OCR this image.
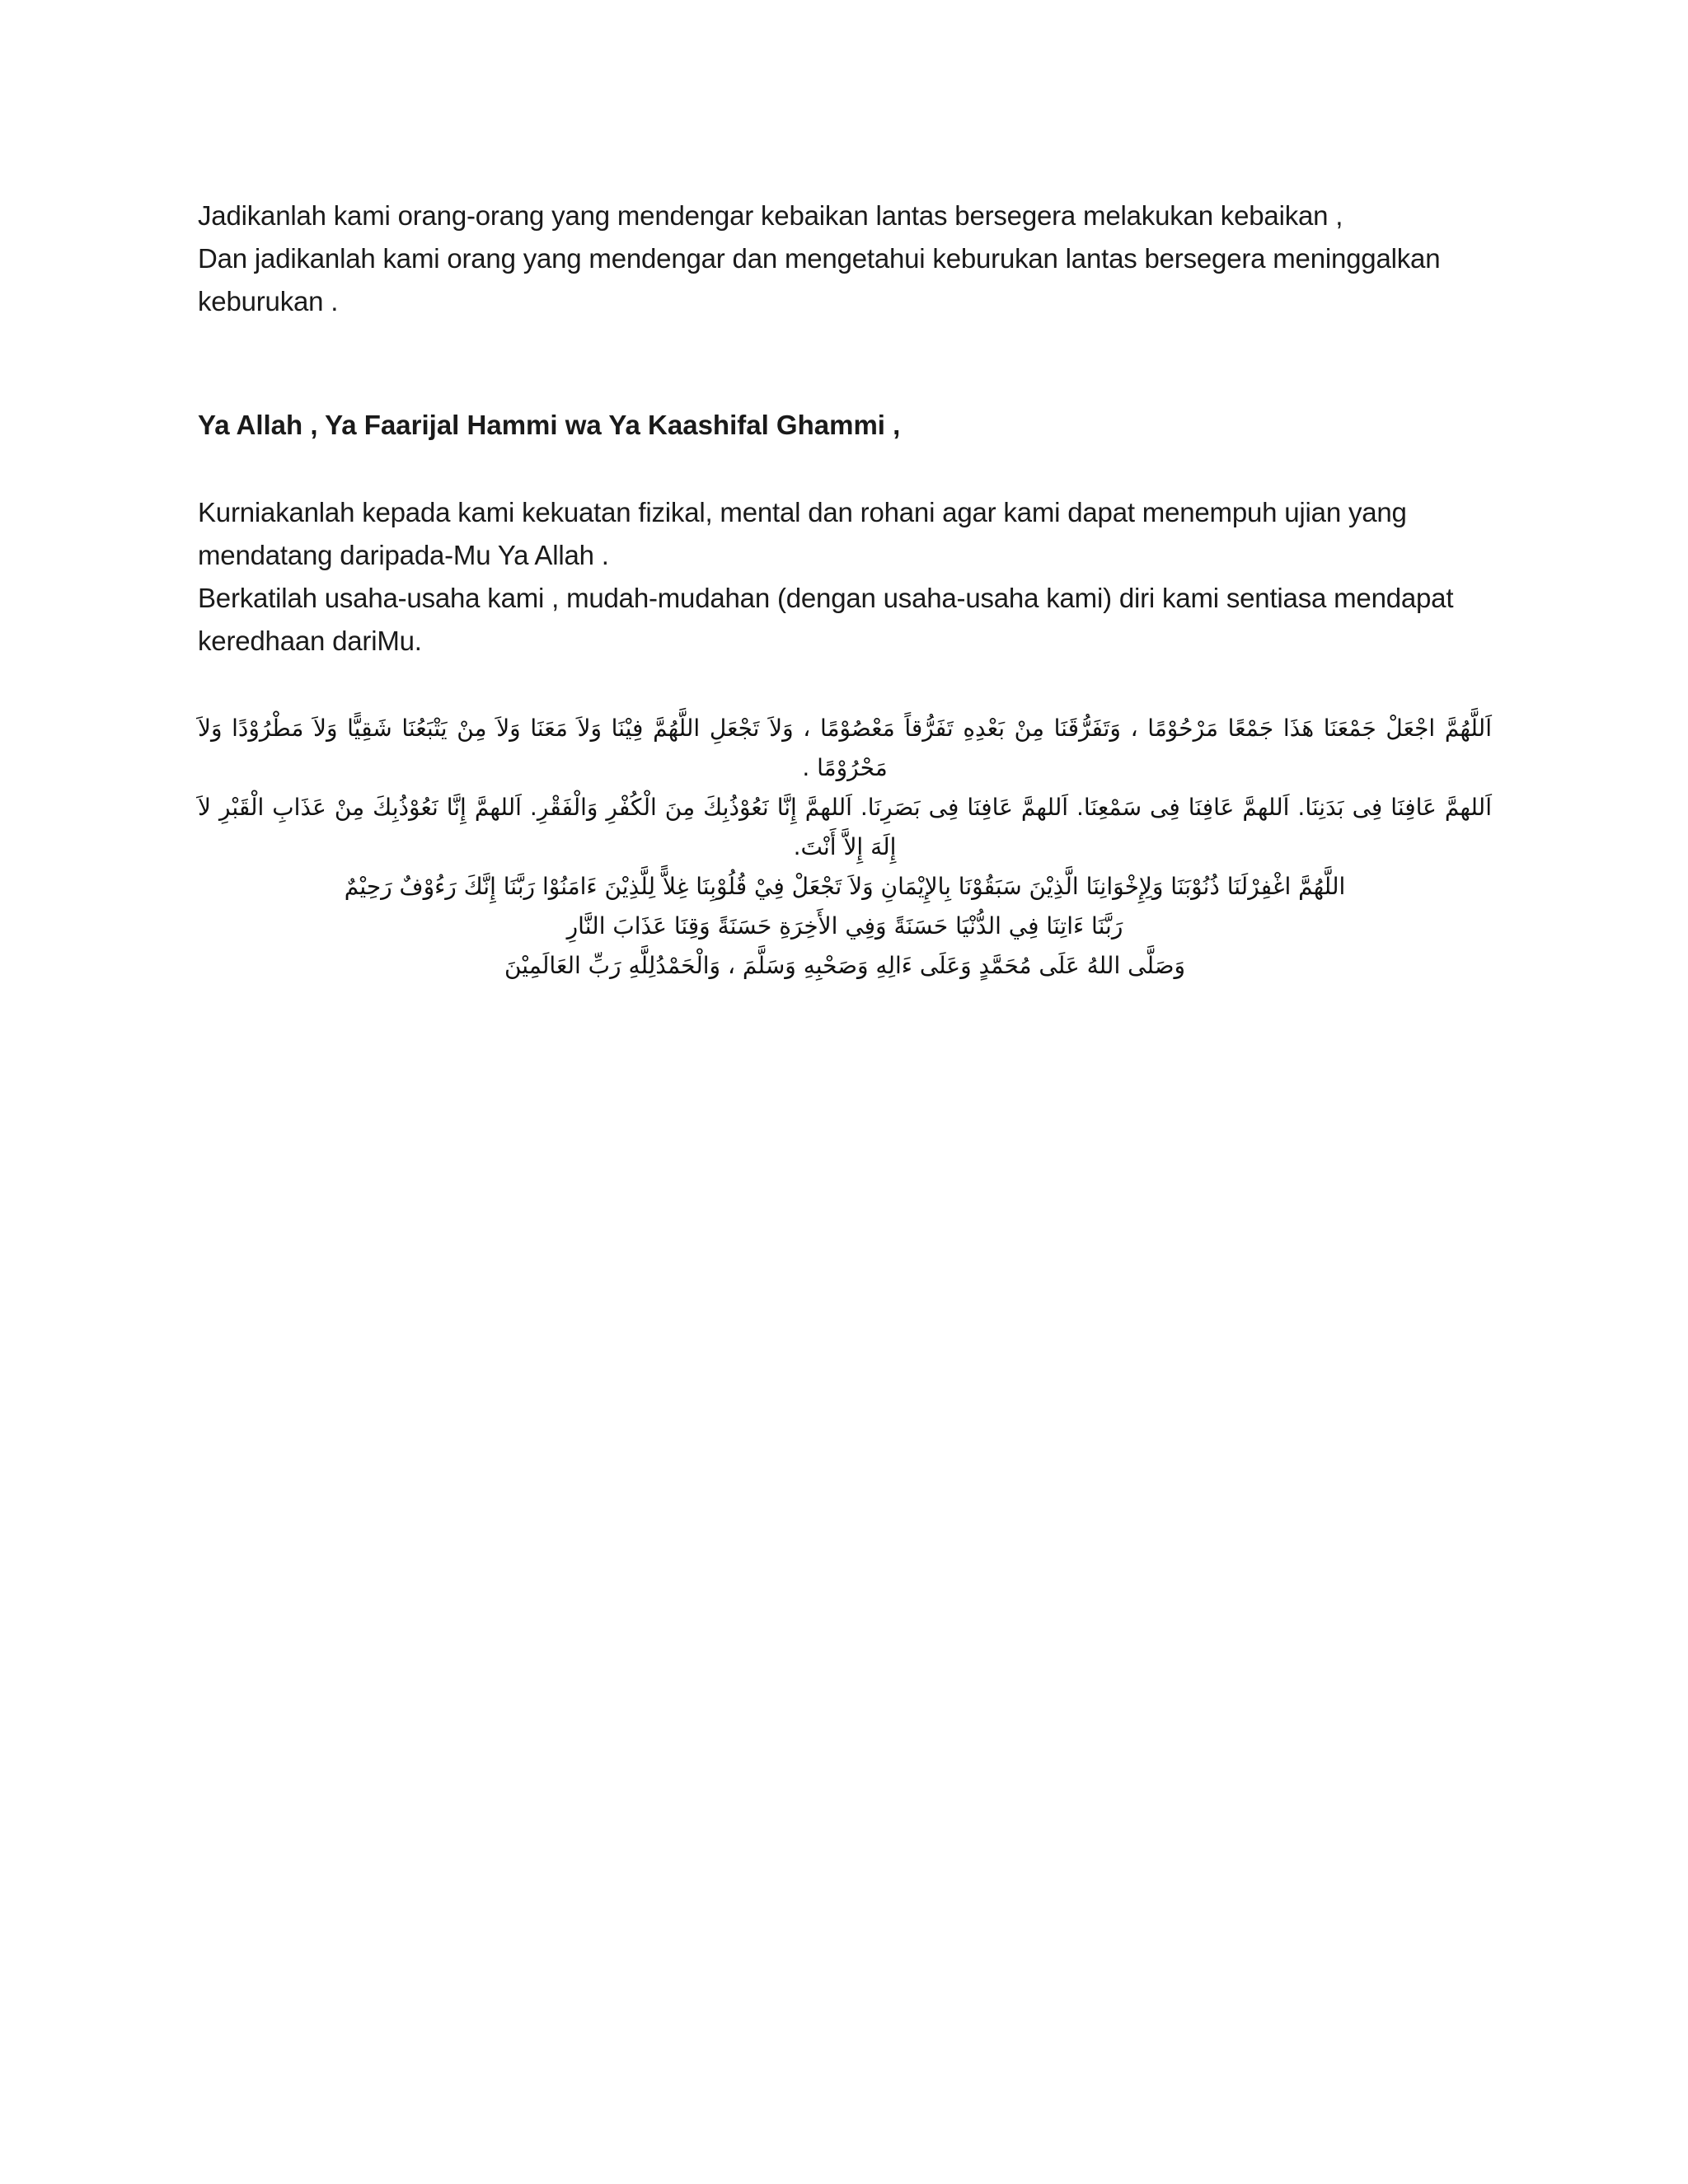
Jadikanlah kami orang-orang yang mendengar kebaikan lantas bersegera melakukan kebaikan ,

Dan jadikanlah kami orang yang mendengar dan mengetahui keburukan lantas bersegera meninggalkan keburukan .

Ya Allah , Ya Faarijal Hammi wa Ya Kaashifal Ghammi ,

Kurniakanlah kepada kami kekuatan fizikal, mental dan rohani agar kami dapat menempuh ujian yang mendatang daripada-Mu Ya Allah .

Berkatilah usaha-usaha kami , mudah-mudahan (dengan usaha-usaha kami) diri kami sentiasa mendapat keredhaan dariMu.

اَللَّهُمَّ اجْعَلْ جَمْعَنَا هَذَا جَمْعًا مَرْحُوْمًا ، وَتَفَرُّقَنَا مِنْ بَعْدِهِ تَفَرُّقاً مَعْصُوْمًا ، وَلاَ تَجْعَلِ اللَّهُمَّ فِيْنَا وَلاَ مَعَنَا وَلاَ مِنْ يَتْبَعُنَا شَقِيًّا وَلاَ مَطْرُوْدًا وَلاَ مَحْرُوْمًا .

اَللهمَّ عَافِنَا فِى بَدَنِنَا. اَللهمَّ عَافِنَا فِى سَمْعِنَا. اَللهمَّ عَافِنَا فِى بَصَرِنَا. اَللهمَّ إِنَّا نَعُوْذُبِكَ مِنَ الْكُفْرِ وَالْفَقْرِ. اَللهمَّ إِنَّا نَعُوْذُبِكَ مِنْ عَذَابِ الْقَبْرِ لاَ إِلَهَ إِلاَّ أَنْتَ.

اللَّهُمَّ اغْفِرْلَنَا ذُنُوْبَنَا وَلِإِخْوَانِنَا الَّذِيْنَ سَبَقُوْنَا بِالإِيْمَانِ وَلاَ تَجْعَلْ فِيْ قُلُوْبِنَا غِلاًّ لِلَّذِيْنَ ءَامَنُوْا رَبَّنَا إِنَّكَ رَءُوْفٌ رَحِيْمٌ

رَبَّنَا ءَاتِنَا فِي الدُّنْيَا حَسَنَةً وَفِي الأَخِرَةِ حَسَنَةً وَقِنَا عَذَابَ النَّارِ

وَصَلَّى اللهُ عَلَى مُحَمَّدٍ وَعَلَى ءَالِهِ وَصَحْبِهِ وَسَلَّمَ ، وَالْحَمْدُلِلَّهِ رَبِّ العَالَمِيْنَ
